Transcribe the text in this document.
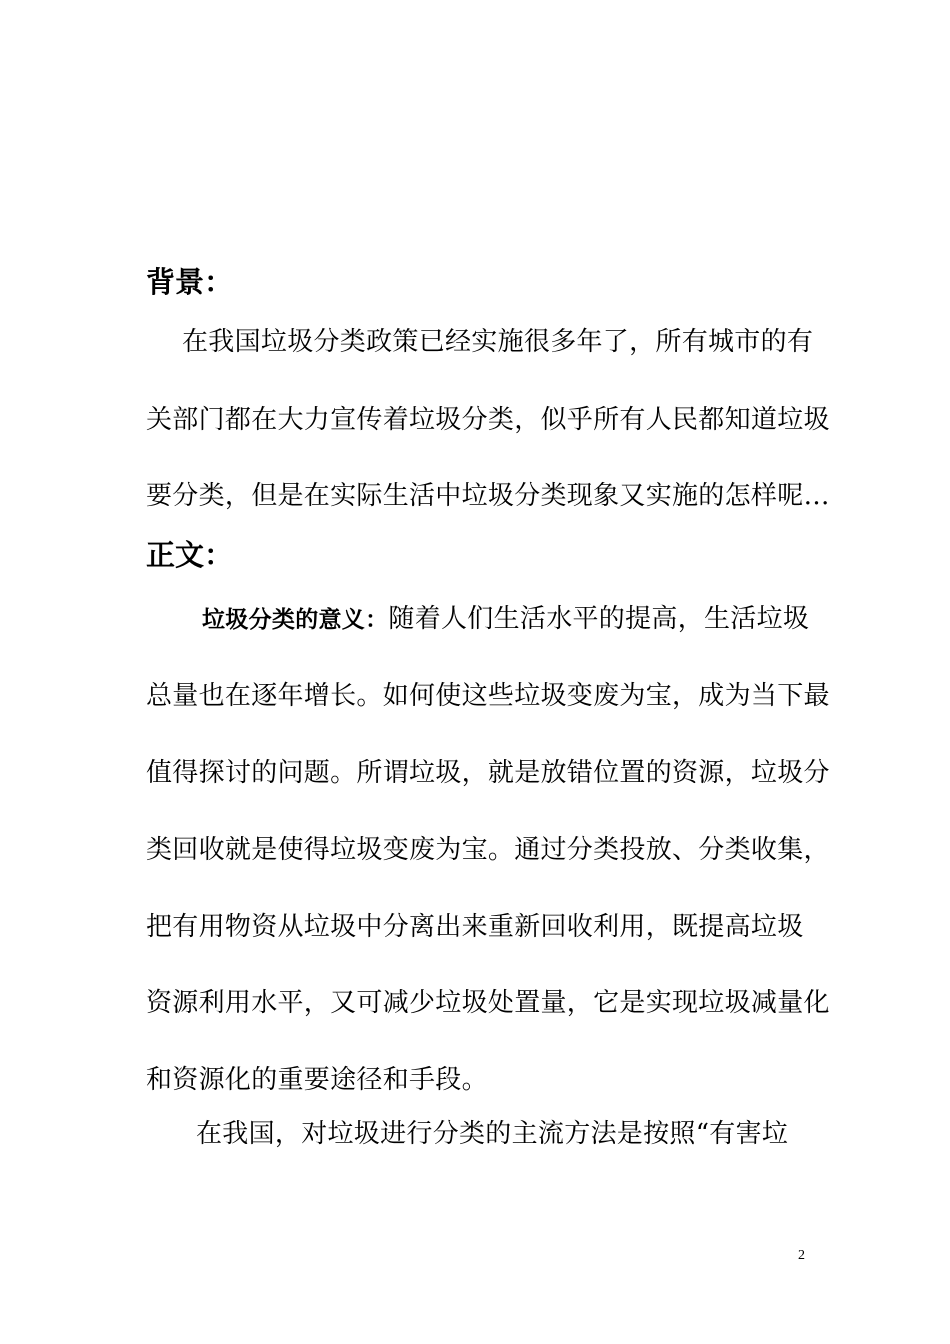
背景：
在我国垃圾分类政策已经实施很多年了，所有城市的有
关部门都在大力宣传着垃圾分类，似乎所有人民都知道垃圾
要分类，但是在实际生活中垃圾分类现象又实施的怎样呢…
正文：
垃圾分类的意义：随着人们生活水平的提高，生活垃圾
总量也在逐年增长。如何使这些垃圾变废为宝，成为当下最
值得探讨的问题。所谓垃圾，就是放错位置的资源，垃圾分
类回收就是使得垃圾变废为宝。通过分类投放、分类收集，
把有用物资从垃圾中分离出来重新回收利用，既提高垃圾
资源利用水平，又可减少垃圾处置量，它是实现垃圾减量化
和资源化的重要途径和手段。
在我国，对垃圾进行分类的主流方法是按照“有害垃
2
